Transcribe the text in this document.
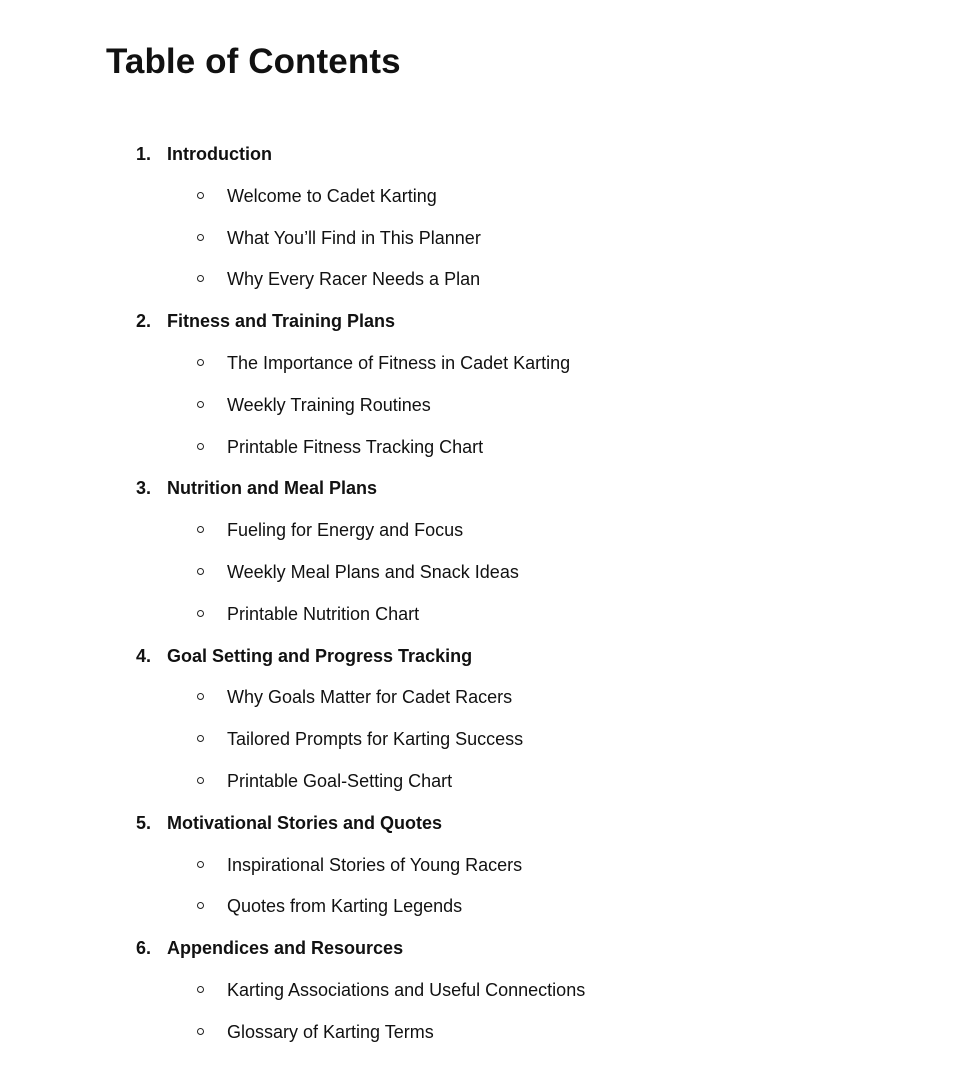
Table of Contents
1. Introduction
Welcome to Cadet Karting
What You’ll Find in This Planner
Why Every Racer Needs a Plan
2. Fitness and Training Plans
The Importance of Fitness in Cadet Karting
Weekly Training Routines
Printable Fitness Tracking Chart
3. Nutrition and Meal Plans
Fueling for Energy and Focus
Weekly Meal Plans and Snack Ideas
Printable Nutrition Chart
4. Goal Setting and Progress Tracking
Why Goals Matter for Cadet Racers
Tailored Prompts for Karting Success
Printable Goal-Setting Chart
5. Motivational Stories and Quotes
Inspirational Stories of Young Racers
Quotes from Karting Legends
6. Appendices and Resources
Karting Associations and Useful Connections
Glossary of Karting Terms
